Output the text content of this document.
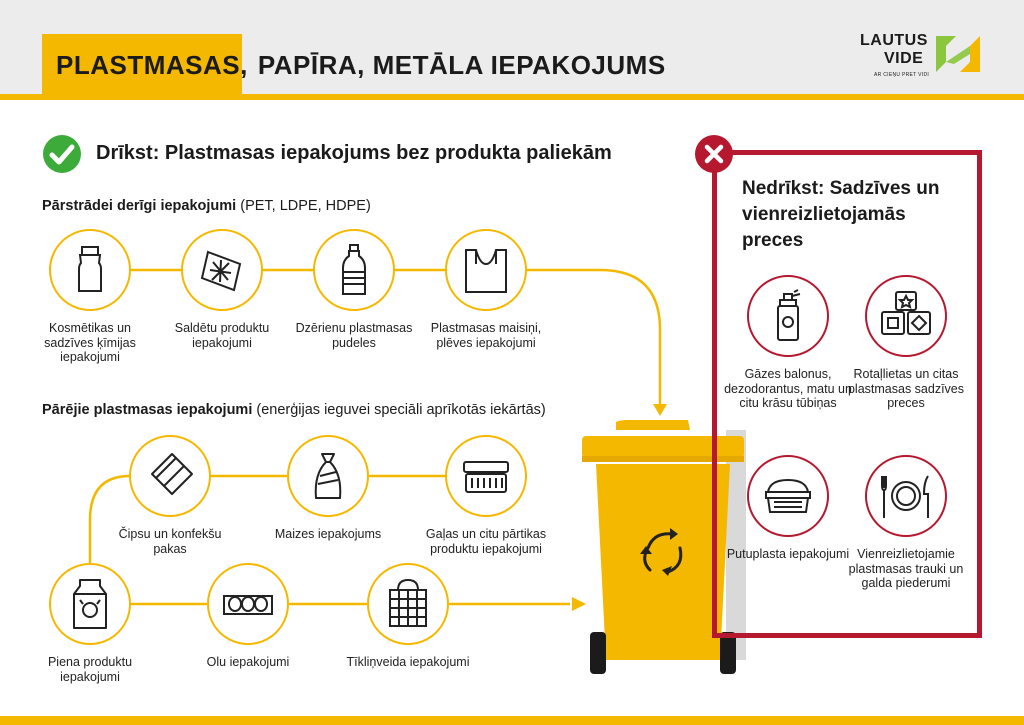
PLASTMASAS, PAPĪRA, METĀLA IEPAKOJUMS
LAUTUS
VIDE
AR CIEŅU PRET VIDI
Drīkst: Plastmasas iepakojums bez produkta paliekām
Pārstrādei derīgi iepakojumi (PET, LDPE, HDPE)
Pārējie plastmasas iepakojumi (enerģijas ieguvei speciāli aprīkotās iekārtās)
Kosmētikas un sadzīves ķīmijas iepakojumi
Saldētu produktu iepakojumi
Dzērienu plastmasas pudeles
Plastmasas maisiņi, plēves iepakojumi
Čipsu un konfekšu pakas
Maizes iepakojums	Gaļas un citu pārtikas produktu iepakojumi
Piena produktu iepakojumi
Olu iepakojumi	Tīkliņveida iepakojumi
Nedrīkst: Sadzīves un vienreizlietojamās preces
Gāzes balonus, dezodorantus, matu un citu krāsu tūbiņas
Rotaļlietas un citas plastmasas sadzīves preces
Putuplasta iepakojumi Vienreizlietojamie plastmasas trauki un galda piederumi
